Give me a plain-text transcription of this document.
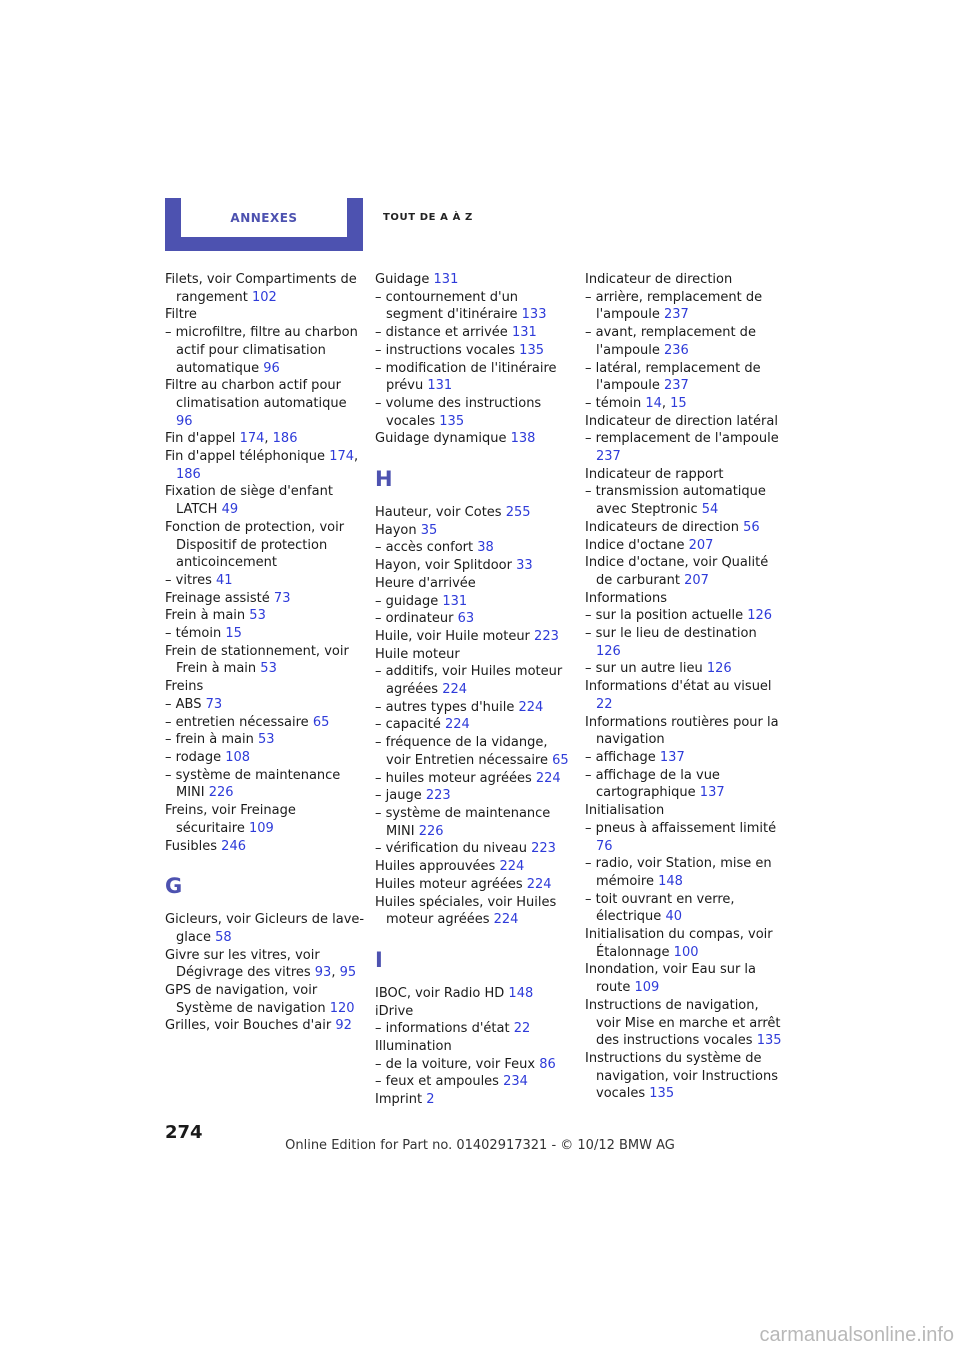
ANNEXES	TOUT DE A À Z
Filets, voir Compartiments de rangement 102
Filtre
– microfiltre, filtre au charbon actif pour climatisation automatique 96
Filtre au charbon actif pour climatisation automatique 96
Fin d'appel 174, 186
Fin d'appel téléphonique 174, 186
Fixation de siège d'enfant LATCH 49
Fonction de protection, voir Dispositif de protection anticoincement
– vitres 41
Freinage assisté 73
Frein à main 53
– témoin 15
Frein de stationnement, voir Frein à main 53
Freins
– ABS 73
– entretien nécessaire 65
– frein à main 53
– rodage 108
– système de maintenance MINI 226
Freins, voir Freinage sécuritaire 109
Fusibles 246
G
Gicleurs, voir Gicleurs de lave-glace 58
Givre sur les vitres, voir Dégivrage des vitres 93, 95
GPS de navigation, voir Système de navigation 120
Grilles, voir Bouches d'air 92
Guidage 131
– contournement d'un segment d'itinéraire 133
– distance et arrivée 131
– instructions vocales 135
– modification de l'itinéraire prévu 131
– volume des instructions vocales 135
Guidage dynamique 138
H
Hauteur, voir Cotes 255
Hayon 35
– accès confort 38
Hayon, voir Splitdoor 33
Heure d'arrivée
– guidage 131
– ordinateur 63
Huile, voir Huile moteur 223
Huile moteur
– additifs, voir Huiles moteur agréées 224
– autres types d'huile 224
– capacité 224
– fréquence de la vidange, voir Entretien nécessaire 65
– huiles moteur agréées 224
– jauge 223
– système de maintenance MINI 226
– vérification du niveau 223
Huiles approuvées 224
Huiles moteur agréées 224
Huiles spéciales, voir Huiles moteur agréées 224
I
IBOC, voir Radio HD 148
iDrive
– informations d'état 22
Illumination
– de la voiture, voir Feux 86
– feux et ampoules 234
Imprint 2
Indicateur de direction
– arrière, remplacement de l'ampoule 237
– avant, remplacement de l'ampoule 236
– latéral, remplacement de l'ampoule 237
– témoin 14, 15
Indicateur de direction latéral
– remplacement de l'ampoule 237
Indicateur de rapport
– transmission automatique avec Steptronic 54
Indicateurs de direction 56
Indice d'octane 207
Indice d'octane, voir Qualité de carburant 207
Informations
– sur la position actuelle 126
– sur le lieu de destination 126
– sur un autre lieu 126
Informations d'état au visuel 22
Informations routières pour la navigation
– affichage 137
– affichage de la vue cartographique 137
Initialisation
– pneus à affaissement limité 76
– radio, voir Station, mise en mémoire 148
– toit ouvrant en verre, électrique 40
Initialisation du compas, voir Étalonnage 100
Inondation, voir Eau sur la route 109
Instructions de navigation, voir Mise en marche et arrêt des instructions vocales 135
Instructions du système de navigation, voir Instructions vocales 135
274
Online Edition for Part no. 01402917321 - © 10/12 BMW AG
carmanualsonline.info
